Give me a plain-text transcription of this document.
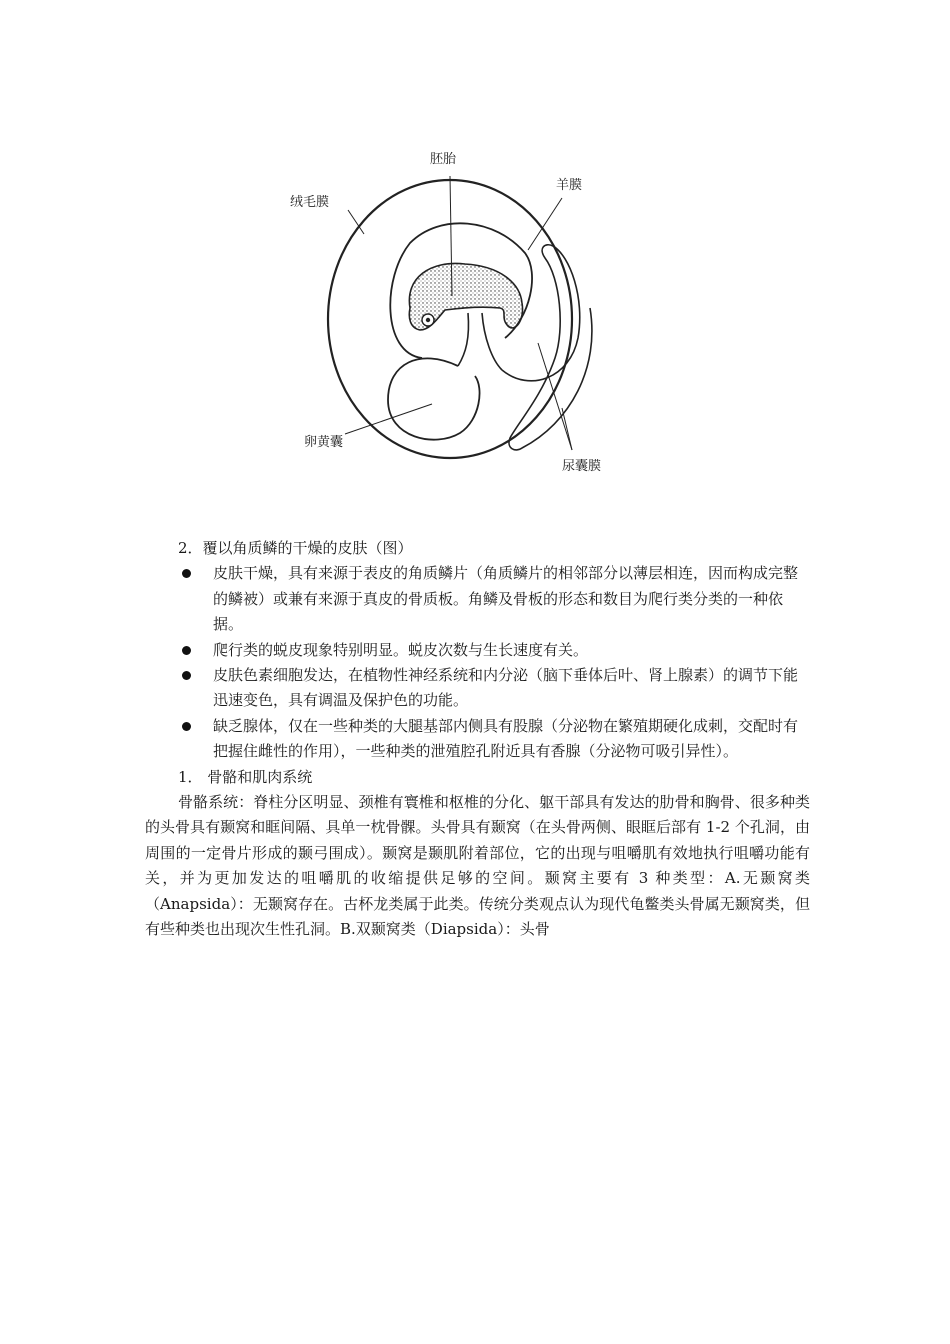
胚胎
羊膜
绒毛膜
卵黄囊
尿囊膜

2．覆以角质鳞的干燥的皮肤（图）

皮肤干燥，具有来源于表皮的角质鳞片（角质鳞片的相邻部分以薄层相连，因而构成完整的鳞被）或兼有来源于真皮的骨质板。角鳞及骨板的形态和数目为爬行类分类的一种依据。
爬行类的蜕皮现象特别明显。蜕皮次数与生长速度有关。
皮肤色素细胞发达，在植物性神经系统和内分泌（脑下垂体后叶、肾上腺素）的调节下能迅速变色，具有调温及保护色的功能。
缺乏腺体，仅在一些种类的大腿基部内侧具有股腺（分泌物在繁殖期硬化成刺，交配时有把握住雌性的作用），一些种类的泄殖腔孔附近具有香腺（分泌物可吸引异性）。

1． 骨骼和肌肉系统

骨骼系统：脊柱分区明显、颈椎有寰椎和枢椎的分化、躯干部具有发达的肋骨和胸骨、很多种类的头骨具有颞窝和眶间隔、具单一枕骨髁。头骨具有颞窝（在头骨两侧、眼眶后部有 1-2 个孔洞，由周围的一定骨片形成的颞弓围成）。颞窝是颞肌附着部位，它的出现与咀嚼肌有效地执行咀嚼功能有关，并为更加发达的咀嚼肌的收缩提供足够的空间。颞窝主要有 3 种类型：A.无颞窝类（Anapsida）：无颞窝存在。古杯龙类属于此类。传统分类观点认为现代龟鳖类头骨属无颞窝类，但有些种类也出现次生性孔洞。B.双颞窝类（Diapsida）：头骨
